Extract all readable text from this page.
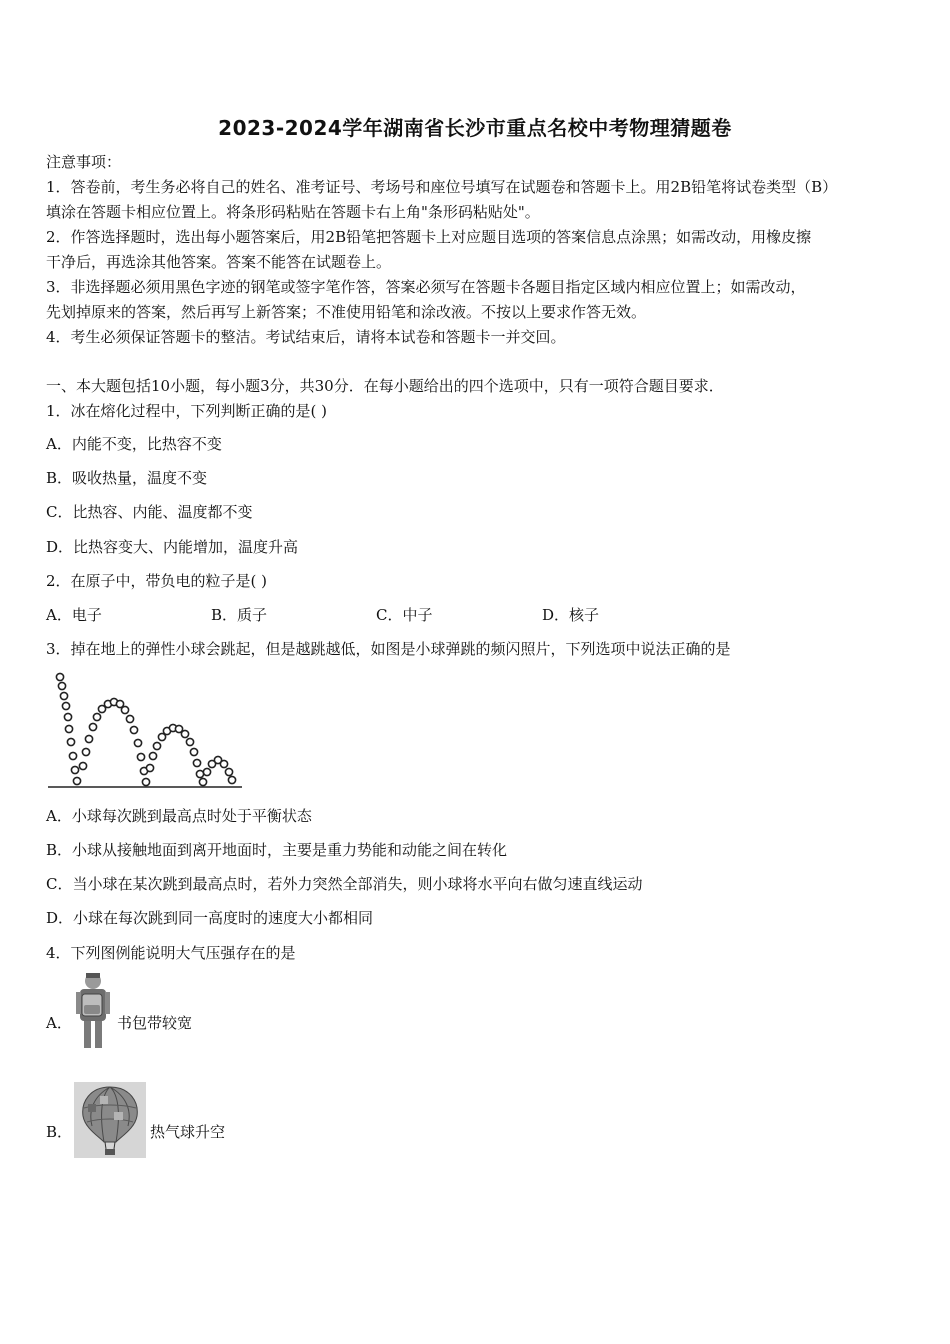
2023-2024学年湖南省长沙市重点名校中考物理猜题卷
注意事项：
1．答卷前，考生务必将自己的姓名、准考证号、考场号和座位号填写在试题卷和答题卡上。用2B铅笔将试卷类型（B）
填涂在答题卡相应位置上。将条形码粘贴在答题卡右上角"条形码粘贴处"。
2．作答选择题时，选出每小题答案后，用2B铅笔把答题卡上对应题目选项的答案信息点涂黑；如需改动，用橡皮擦
干净后，再选涂其他答案。答案不能答在试题卷上。
3．非选择题必须用黑色字迹的钢笔或签字笔作答，答案必须写在答题卡各题目指定区域内相应位置上；如需改动，
先划掉原来的答案，然后再写上新答案；不准使用铅笔和涂改液。不按以上要求作答无效。
4．考生必须保证答题卡的整洁。考试结束后，请将本试卷和答题卡一并交回。
一、本大题包括10小题，每小题3分，共30分．在每小题给出的四个选项中，只有一项符合题目要求．
1．冰在熔化过程中，下列判断正确的是( )
A．内能不变，比热容不变
B．吸收热量，温度不变
C．比热容、内能、温度都不变
D．比热容变大、内能增加，温度升高
2．在原子中，带负电的粒子是( )
A．电子	B．质子	C．中子	D．核子
3．掉在地上的弹性小球会跳起，但是越跳越低，如图是小球弹跳的频闪照片，下列选项中说法正确的是
A．小球每次跳到最高点时处于平衡状态
B．小球从接触地面到离开地面时，主要是重力势能和动能之间在转化
C．当小球在某次跳到最高点时，若外力突然全部消失，则小球将水平向右做匀速直线运动
D．小球在每次跳到同一高度时的速度大小都相同
4．下列图例能说明大气压强存在的是
A．	书包带较宽
B．	热气球升空
